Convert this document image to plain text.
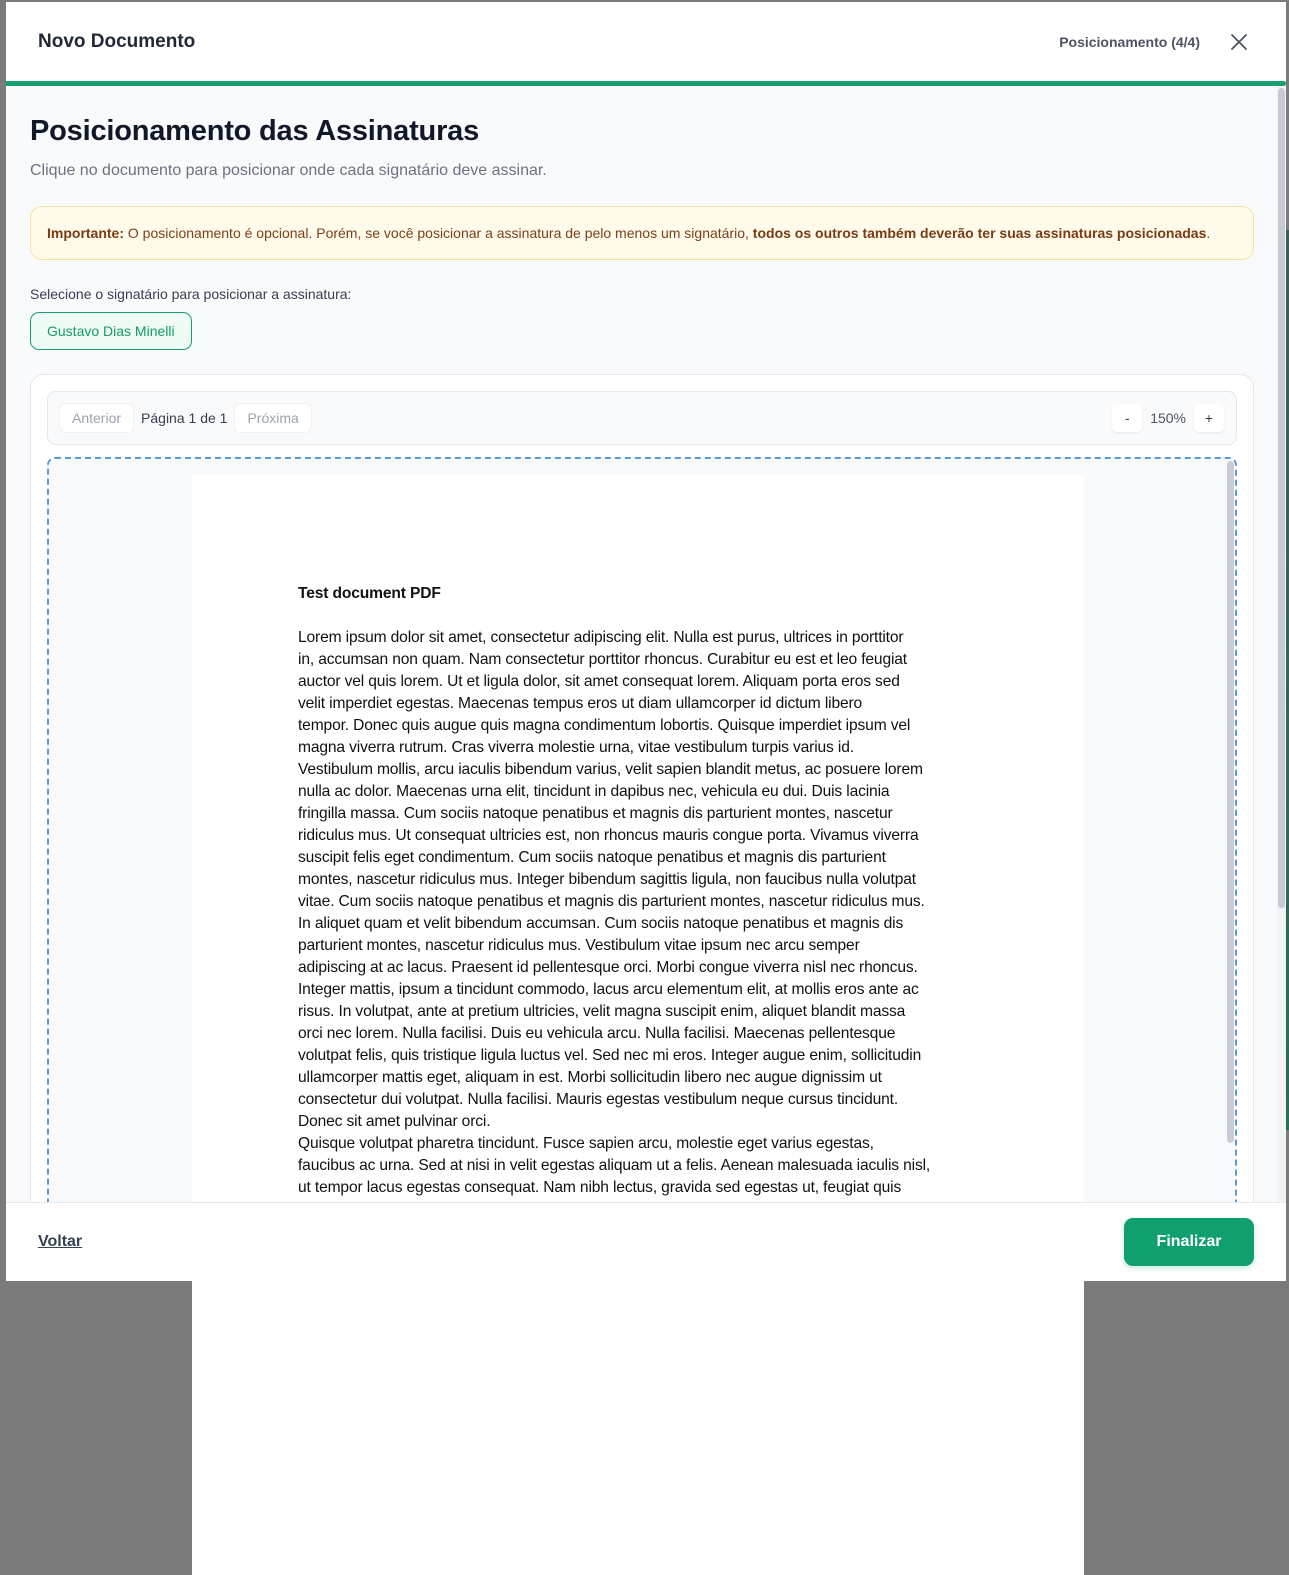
Novo Documento	Posicionamento (4/4)
Posicionamento das Assinaturas

Clique no documento para posicionar onde cada signatário deve assinar.

Importante: O posicionamento é opcional. Porém, se você posicionar a assinatura de pelo menos um signatário, todos os outros também deverão ter suas assinaturas posicionadas.
Selecione o signatário para posicionar a assinatura:
Gustavo Dias Minelli
Anterior	Página 1 de 1	Próxima	-	150%	+
Test document PDF
Lorem ipsum dolor sit amet, consectetur adipiscing elit. Nulla est purus, ultrices in porttitor
in, accumsan non quam. Nam consectetur porttitor rhoncus. Curabitur eu est et leo feugiat
auctor vel quis lorem. Ut et ligula dolor, sit amet consequat lorem. Aliquam porta eros sed
velit imperdiet egestas. Maecenas tempus eros ut diam ullamcorper id dictum libero
tempor. Donec quis augue quis magna condimentum lobortis. Quisque imperdiet ipsum vel
magna viverra rutrum. Cras viverra molestie urna, vitae vestibulum turpis varius id.
Vestibulum mollis, arcu iaculis bibendum varius, velit sapien blandit metus, ac posuere lorem
nulla ac dolor. Maecenas urna elit, tincidunt in dapibus nec, vehicula eu dui. Duis lacinia
fringilla massa. Cum sociis natoque penatibus et magnis dis parturient montes, nascetur
ridiculus mus. Ut consequat ultricies est, non rhoncus mauris congue porta. Vivamus viverra
suscipit felis eget condimentum. Cum sociis natoque penatibus et magnis dis parturient
montes, nascetur ridiculus mus. Integer bibendum sagittis ligula, non faucibus nulla volutpat
vitae. Cum sociis natoque penatibus et magnis dis parturient montes, nascetur ridiculus mus.
In aliquet quam et velit bibendum accumsan. Cum sociis natoque penatibus et magnis dis
parturient montes, nascetur ridiculus mus. Vestibulum vitae ipsum nec arcu semper
adipiscing at ac lacus. Praesent id pellentesque orci. Morbi congue viverra nisl nec rhoncus.
Integer mattis, ipsum a tincidunt commodo, lacus arcu elementum elit, at mollis eros ante ac
risus. In volutpat, ante at pretium ultricies, velit magna suscipit enim, aliquet blandit massa
orci nec lorem. Nulla facilisi. Duis eu vehicula arcu. Nulla facilisi. Maecenas pellentesque
volutpat felis, quis tristique ligula luctus vel. Sed nec mi eros. Integer augue enim, sollicitudin
ullamcorper mattis eget, aliquam in est. Morbi sollicitudin libero nec augue dignissim ut
consectetur dui volutpat. Nulla facilisi. Mauris egestas vestibulum neque cursus tincidunt.
Donec sit amet pulvinar orci.
Quisque volutpat pharetra tincidunt. Fusce sapien arcu, molestie eget varius egestas,
faucibus ac urna. Sed at nisi in velit egestas aliquam ut a felis. Aenean malesuada iaculis nisl,
ut tempor lacus egestas consequat. Nam nibh lectus, gravida sed egestas ut, feugiat quis
Voltar	Finalizar
